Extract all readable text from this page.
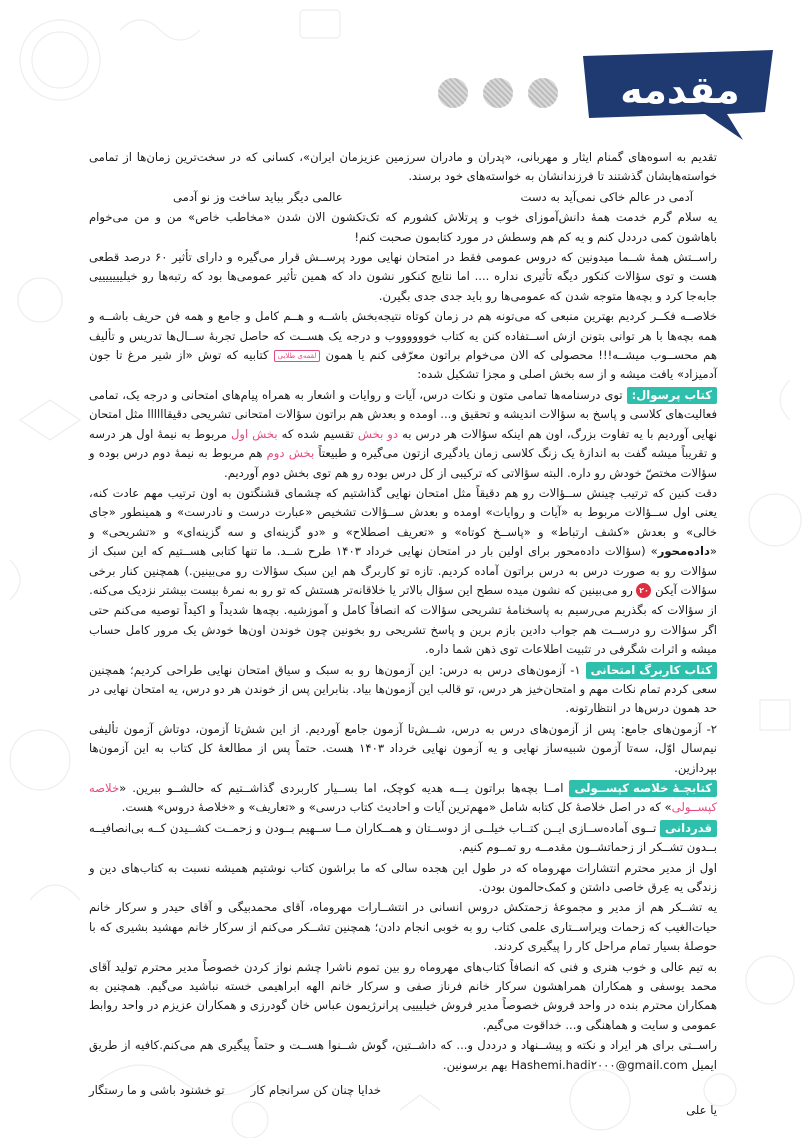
مقدمه

تقدیم به اسوه‌های گمنام ایثار و مهربانی، «پدران و مادران سرزمین عزیزمان ایران»، کسانی که در سخت‌ترین زمان‌ها از تمامی خواسته‌هایشان گذشتند تا فرزندانشان به خواسته‌های خود برسند.

آدمی در عالم خاکی نمی‌آید به دست
عالمی دیگر بباید ساخت وز نو آدمی

یه سلام گرم خدمت همهٔ دانش‌آموزای خوب و پرتلاش کشورم که تک‌تکشون الان شدن «مخاطب خاص» من و من می‌خوام باهاشون کمی درددل کنم و یه کم هم وسطش در مورد کتابمون صحبت کنم!

راســتش همهٔ شــما میدونین که دروس عمومی فقط در امتحان نهایی مورد پرســش قرار می‌گیره و دارای تأثیر ۶۰ درصد قطعی هست و توی سؤالات کنکور دیگه تأثیری نداره .... اما نتایج کنکور نشون داد که همین تأثیر عمومی‌ها بود که رتبه‌ها رو خیلیییییییی جابه‌جا کرد و بچه‌ها متوجه شدن که عمومی‌ها رو باید جدی جدی بگیرن.

خلاصــه فکــر کردیم بهترین منبعی که می‌تونه هم در زمان کوتاه نتیجه‌بخش باشــه و هــم کامل و جامع و همه فن حریف باشــه و همه بچه‌ها با هر توانی بتونن ازش اســتفاده کنن یه کتاب خووووووب و درجه یک هســت که حاصل تجربهٔ ســال‌ها تدریس و تألیف هم محســوب میشــه!!! محصولی که الان می‌خوام براتون معرّفی کنم یا همون لقمه‌ی طلایی کتابیه که توش «از شیر مرغ تا جون آدمیزاد» یافت میشه و از سه بخش اصلی و مجزا تشکیل شده:

کتاب پرسوال: توی درسنامه‌ها تمامی متون و نکات درس، آیات و روایات و اشعار به همراه پیام‌های امتحانی و درجه یک، تمامی فعالیت‌های کلاسی و پاسخ به سؤالات اندیشه و تحقیق و... اومده و بعدش هم براتون سؤالات امتحانی تشریحی دقیقاااااا مثل امتحان نهایی آوردیم با یه تفاوت بزرگ، اون هم اینکه سؤالات هر درس به دو بخش تقسیم شده که بخش اول مربوط به نیمهٔ اول هر درسه و تقریباً میشه گفت به اندازهٔ یک زنگ کلاسی زمان یادگیری ازتون می‌گیره و طبیعتاً بخش دوم هم مربوط به نیمهٔ دوم درس بوده و سؤالات مختصّ خودش رو داره. البته سؤالاتی که ترکیبی از کل درس بوده رو هم توی بخش دوم آوردیم.

دقت کنین که ترتیب چینش ســؤالات رو هم دقیقاً مثل امتحان نهایی گذاشتیم که چشمای قشنگتون به اون ترتیب مهم عادت کنه، یعنی اول ســؤالات مربوط به «آیات و روایات» اومده و بعدش ســؤالات تشخیص «عبارت درست و نادرست» و همینطور «جای خالی» و بعدش «کشف ارتباط» و «پاســخ کوتاه» و «تعریف اصطلاح» و «دو گزینه‌ای و سه گزینه‌ای» و «تشریحی» و «داده‌محور» (سؤالات داده‌محور برای اولین بار در امتحان نهایی خرداد ۱۴۰۳ طرح شــد. ما تنها کتابی هســتیم که این سبک از سؤالات رو به صورت درس به درس براتون آماده کردیم. تازه تو کاربرگ هم این سبک سؤالات رو می‌بینین.) همچنین کنار برخی سؤالات آیکن ۲۰ رو می‌بینین که نشون میده سطح این سؤال بالاتر یا خلاقانه‌تر هستش که تو رو به نمرهٔ بیست بیشتر نزدیک می‌کنه.

از سؤالات که بگذریم می‌رسیم به پاسخنامهٔ تشریحی سؤالات که انصافاً کامل و آموزشیه. بچه‌ها شدیداً و اکیداً توصیه می‌کنم حتی اگر سؤالات رو درســت هم جواب دادین بازم برین و پاسخ تشریحی رو بخونین چون خوندن اون‌ها خودش یک مرور کامل حساب میشه و اثرات شگرفی در تثبیت اطلاعات توی ذهن شما داره.

کتاب کاربرگ امتحانی ۱- آزمون‌های درس به درس: این آزمون‌ها رو به سبک و سیاق امتحان نهایی طراحی کردیم؛ همچنین سعی کردم تمام نکات مهم و امتحان‌خیز هر درس، تو قالب این آزمون‌ها بیاد. بنابراین پس از خوندن هر دو درس، یه امتحان نهایی در حد همون درس‌ها در انتظارتونه.

۲- آزمون‌های جامع: پس از آزمون‌های درس به درس، شــش‌تا آزمون جامع آوردیم. از این شش‌تا آزمون، دوتاش آزمون تألیفی نیم‌سال اوّل، سه‌تا آزمون شبیه‌ساز نهایی و یه آزمون نهایی خرداد ۱۴۰۳ هست. حتماً پس از مطالعهٔ کل کتاب به این آزمون‌ها بپردازین.

کتابچـهٔ خلاصه کپســولی امــا بچه‌ها براتون یـــه هدیه کوچک، اما بســیار کاربردی گذاشــتیم که حالشــو ببرین. «خلاصه کپســولی» که در اصل خلاصهٔ کل کتابه شامل «مهم‌ترین آیات و احادیث کتاب درسی» و «تعاریف» و «خلاصهٔ دروس» هست.

قدردانی تــوی آماده‌ســازی ایــن کتــاب خیلــی از دوســتان و همــکاران مــا ســهیم بــودن و زحمــت کشــیدن کــه بی‌انصافیــه بــدون تشــکر از زحماتشــون مقدمــه رو تمــوم کنیم.

اول از مدیر محترم انتشارات مهروماه که در طول این هجده سالی که ما براشون کتاب نوشتیم همیشه نسبت به کتاب‌های دین و زندگی یه عِرق خاصی داشتن و کمک‌حالمون بودن.

یه تشــکر هم از مدیر و مجموعهٔ زحمتکش دروس انسانی در انتشــارات مهروماه، آقای محمدبیگی و آقای حیدر و سرکار خانم حیات‌الغیب که زحمات ویراســتاری علمی کتاب رو به خوبی انجام دادن؛ همچنین تشــکر می‌کنم از سرکار خانم مهشید بشیری که با حوصلهٔ بسیار تمام مراحل کار را پیگیری کردند.

به تیم عالی و خوب هنری و فنی که انصافاً کتاب‌های مهروماه رو بین تموم ناشرا چشم نواز کردن خصوصاً مدیر محترم تولید آقای محمد یوسفی و همکاران همراهشون سرکار خانم فرناز صفی و سرکار خانم الهه ابراهیمی خسته نباشید می‌گیم. همچنین به همکاران محترم بنده در واحد فروش خصوصاً مدیر فروش خیلیییی پرانرژیمون عباس خان گودرزی و همکاران عزیزم در واحد روابط عمومی و سایت و هماهنگی و... خداقوت می‌گیم.

راســتی برای هر ایراد و نکته و پیشــنهاد و درددل و... که داشــتین، گوش شــنوا هســت و حتماً پیگیری هم می‌کنم.کافیه از طریق ایمیل Hashemi.hadi۲۰۰۰@gmail.com بهم برسونین.

خدایا چنان کن سرانجام کار
تو خشنود باشی و ما رستگار
یا علی
